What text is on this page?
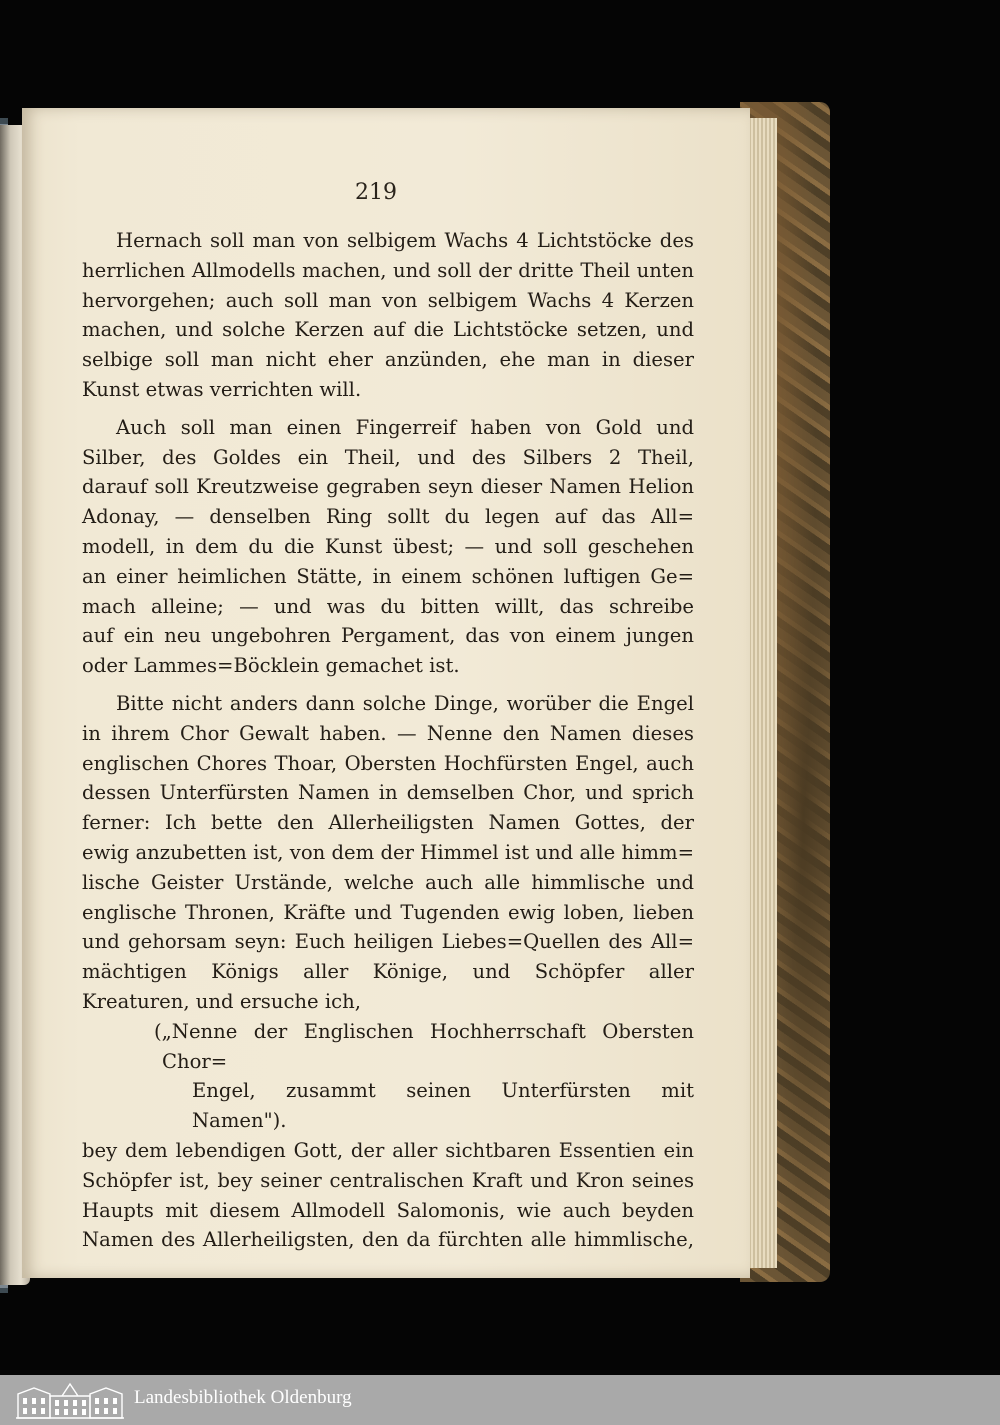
219

Hernach soll man von selbigem Wachs 4 Lichtstöcke des

herrlichen Allmodells machen, und soll der dritte Theil unten

hervorgehen; auch soll man von selbigem Wachs 4 Kerzen

machen, und solche Kerzen auf die Lichtstöcke setzen, und

selbige soll man nicht eher anzünden, ehe man in dieser

Kunst etwas verrichten will.

Auch soll man einen Fingerreif haben von Gold und

Silber, des Goldes ein Theil, und des Silbers 2 Theil,

darauf soll Kreutzweise gegraben seyn dieser Namen Helion

Adonay, — denselben Ring sollt du legen auf das All=

modell, in dem du die Kunst übest; — und soll geschehen

an einer heimlichen Stätte, in einem schönen luftigen Ge=

mach alleine; — und was du bitten willt, das schreibe

auf ein neu ungebohren Pergament, das von einem jungen

oder Lammes=Böcklein gemachet ist.

Bitte nicht anders dann solche Dinge, worüber die Engel

in ihrem Chor Gewalt haben. — Nenne den Namen dieses

englischen Chores Thoar, Obersten Hochfürsten Engel, auch

dessen Unterfürsten Namen in demselben Chor, und sprich

ferner: Ich bette den Allerheiligsten Namen Gottes, der

ewig anzubetten ist, von dem der Himmel ist und alle himm=

lische Geister Urstände, welche auch alle himmlische und

englische Thronen, Kräfte und Tugenden ewig loben, lieben

und gehorsam seyn: Euch heiligen Liebes=Quellen des All=

mächtigen Königs aller Könige, und Schöpfer aller

Kreaturen, und ersuche ich,

(„Nenne der Englischen Hochherrschaft Obersten Chor=

Engel, zusammt seinen Unterfürsten mit Namen").

bey dem lebendigen Gott, der aller sichtbaren Essentien ein

Schöpfer ist, bey seiner centralischen Kraft und Kron seines

Haupts mit diesem Allmodell Salomonis, wie auch beyden

Namen des Allerheiligsten, den da fürchten alle himmlische,

Landesbibliothek Oldenburg
